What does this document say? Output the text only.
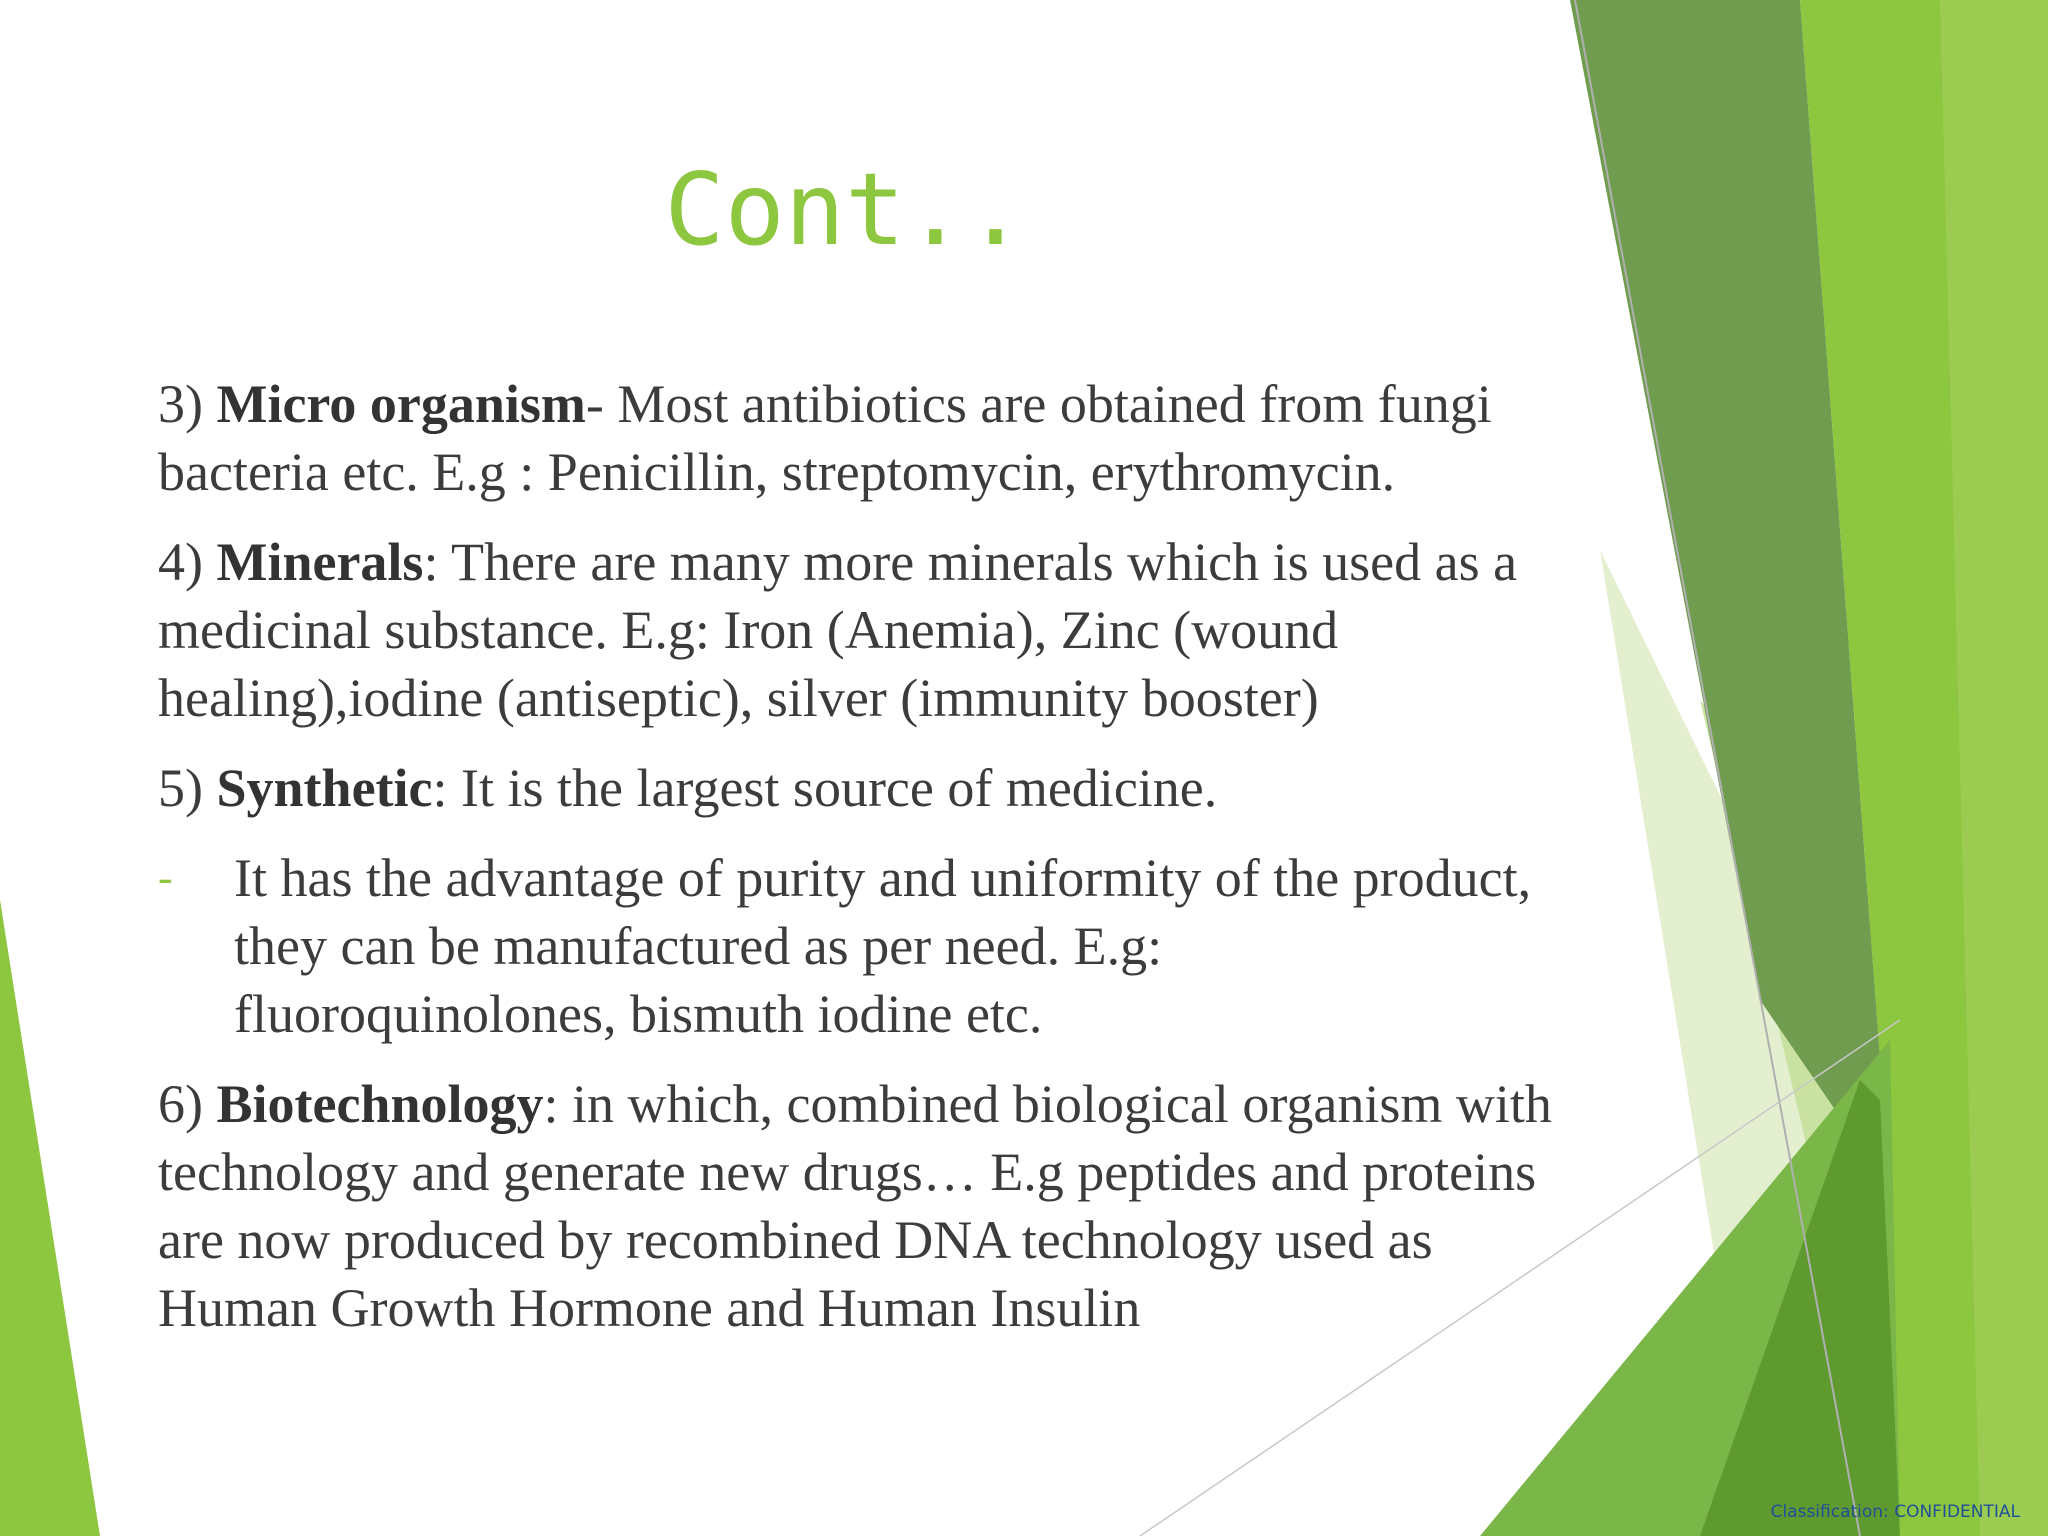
Cont..

3) Micro organism- Most antibiotics are obtained from fungi bacteria etc. E.g : Penicillin, streptomycin, erythromycin.

4) Minerals: There are many more minerals which is used as a medicinal substance. E.g: Iron (Anemia), Zinc (wound healing),iodine (antiseptic), silver (immunity booster)

5) Synthetic: It is the largest source of medicine.

- It has the advantage of purity and uniformity of the product, they can be manufactured as per need. E.g: fluoroquinolones, bismuth iodine etc.

6) Biotechnology: in which, combined biological organism with technology and generate new drugs… E.g peptides and proteins are now produced by recombined DNA technology used as Human Growth Hormone and Human Insulin

Classification: CONFIDENTIAL
